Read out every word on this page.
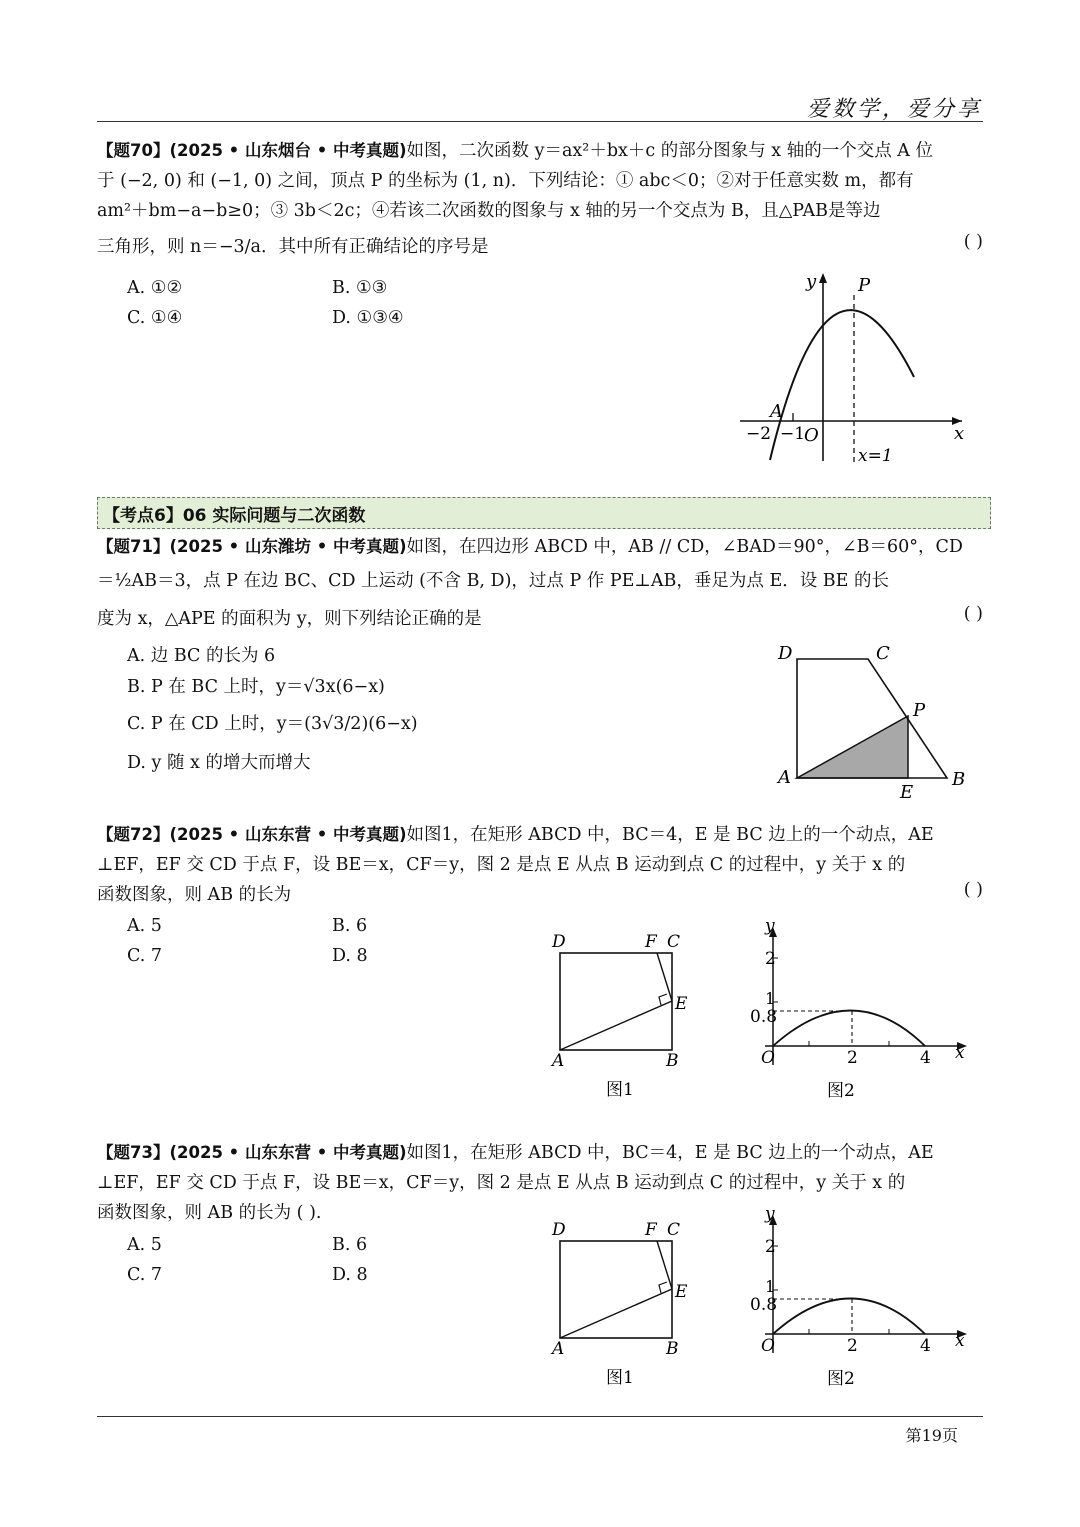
爱数学，爱分享
第19页
【题70】(2025 • 山东烟台 • 中考真题)如图，二次函数 y＝ax²＋bx＋c 的部分图象与 x 轴的一个交点 A 位
于 (−2, 0) 和 (−1, 0) 之间，顶点 P 的坐标为 (1, n)．下列结论：① abc＜0；②对于任意实数 m，都有
am²＋bm−a−b≥0；③ 3b＜2c；④若该二次函数的图象与 x 轴的另一个交点为 B，且△PAB是等边
三角形，则 n＝−3/a．其中所有正确结论的序号是	( )
A. ①②	B. ①③
C. ①④	D. ①③④
y P
A
x
O
−2 −1
x=1
【考点6】06 实际问题与二次函数
【题71】(2025 • 山东潍坊 • 中考真题)如图，在四边形 ABCD 中，AB // CD，∠BAD＝90°，∠B＝60°，CD
＝½AB＝3，点 P 在边 BC、CD 上运动 (不含 B, D)，过点 P 作 PE⊥AB，垂足为点 E．设 BE 的长
度为 x，△APE 的面积为 y，则下列结论正确的是	( )
A. 边 BC 的长为 6
B. P 在 BC 上时，y＝√3x(6−x)
C. P 在 CD 上时，y＝(3√3/2)(6−x)
D. y 随 x 的增大而增大
A	B
C
D
P
E
【题72】(2025 • 山东东营 • 中考真题)如图1，在矩形 ABCD 中，BC＝4，E 是 BC 边上的一个动点，AE
⊥EF，EF 交 CD 于点 F，设 BE＝x，CF＝y，图 2 是点 E 从点 B 运动到点 C 的过程中，y 关于 x 的
函数图象，则 AB 的长为	( )
A. 5	B. 6
C. 7	D. 8
D	F C
E
A	B
图1
y
x
O
2
1
0.8
2	4
图2
【题73】(2025 • 山东东营 • 中考真题)如图1，在矩形 ABCD 中，BC＝4，E 是 BC 边上的一个动点，AE
⊥EF，EF 交 CD 于点 F，设 BE＝x，CF＝y，图 2 是点 E 从点 B 运动到点 C 的过程中，y 关于 x 的
函数图象，则 AB 的长为 ( ).
A. 5	B. 6
C. 7	D. 8
D	F C
E
A	B
图1
y
x
O
2
1
0.8
2	4
图2
